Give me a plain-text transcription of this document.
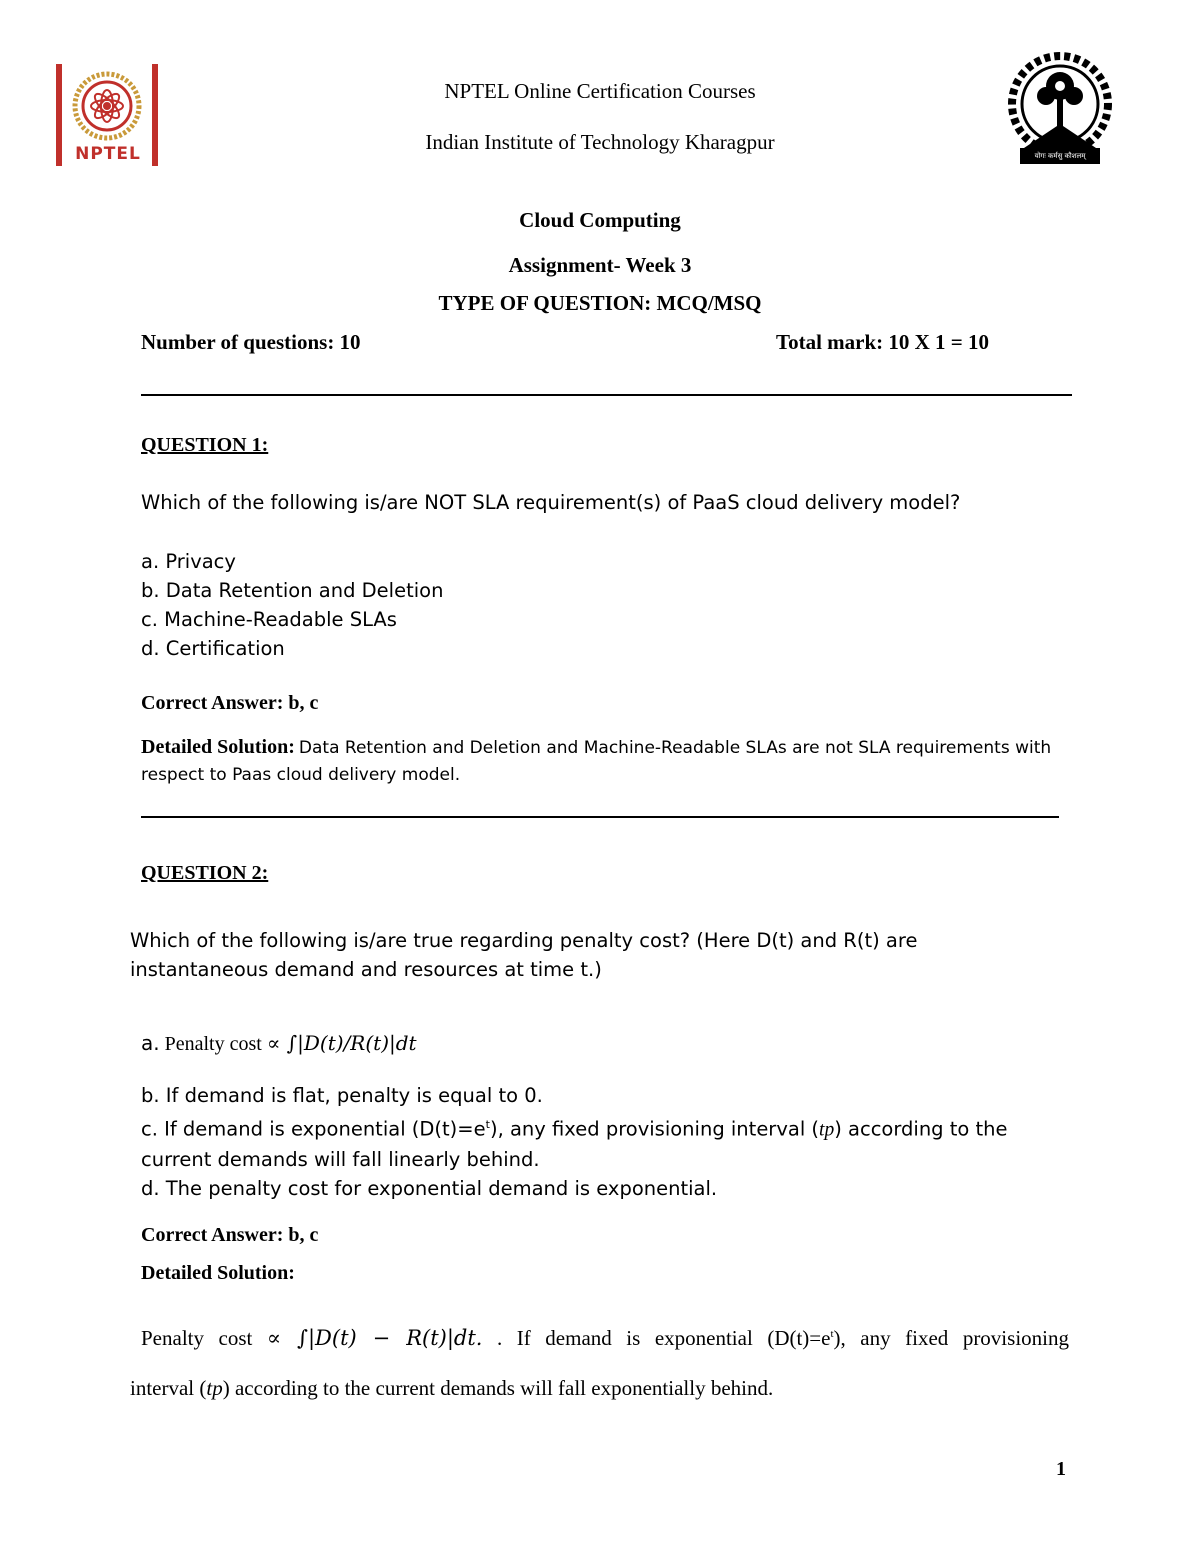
NPTEL	योगः कर्मसु कौशलम्
NPTEL Online Certification Courses
Indian Institute of Technology Kharagpur
Cloud Computing
Assignment- Week 3
TYPE OF QUESTION: MCQ/MSQ
Number of questions: 10	Total mark: 10 X 1 = 10
QUESTION 1:
Which of the following is/are NOT SLA requirement(s) of PaaS cloud delivery model?
a. Privacy
b. Data Retention and Deletion
c. Machine-Readable SLAs
d. Certification
Correct Answer: b, c
Detailed Solution: Data Retention and Deletion and Machine-Readable SLAs are not SLA requirements with respect to Paas cloud delivery model.
QUESTION 2:
Which of the following is/are true regarding penalty cost? (Here D(t) and R(t) are instantaneous demand and resources at time t.)
a. Penalty cost ∝ ∫|D(t)/R(t)|dt
b. If demand is flat, penalty is equal to 0.
c. If demand is exponential $(D(t)=e^t)$, any fixed provisioning interval (tp) according to the current demands will fall linearly behind.
d. The penalty cost for exponential demand is exponential.
Correct Answer: b, c
Detailed Solution:
Penalty cost ∝ ∫|D(t) − R(t)|dt. . If demand is exponential $(D(t)=e^t)$, any fixed provisioning
interval (tp) according to the current demands will fall exponentially behind.
1
